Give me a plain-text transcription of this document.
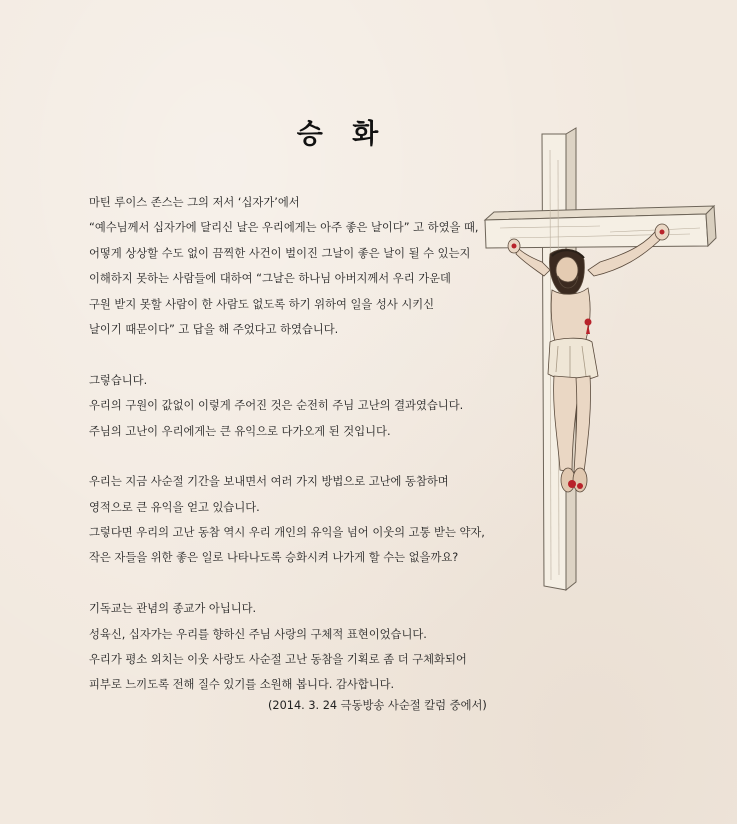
승 화
마틴 루이스 존스는 그의 저서 ‘십자가’에서
“예수님께서 십자가에 달리신 날은 우리에게는 아주 좋은 날이다” 고 하였을 때,
어떻게 상상할 수도 없이 끔찍한 사건이 벌이진 그날이 좋은 날이 될 수 있는지
이해하지 못하는 사람들에 대하여 “그날은 하나님 아버지께서 우리 가운데
구원 받지 못할 사람이 한 사람도 없도록 하기 위하여 일을 성사 시키신
날이기 때문이다” 고 답을 해 주었다고 하였습니다.
그렇습니다.
우리의 구원이 값없이 이렇게 주어진 것은 순전히 주님 고난의 결과였습니다.
주님의 고난이 우리에게는 큰 유익으로 다가오게 된 것입니다.
우리는 지금 사순절 기간을 보내면서 여러 가지 방법으로 고난에 동참하며
영적으로 큰 유익을 얻고 있습니다.
그렇다면 우리의 고난 동참 역시 우리 개인의 유익을 넘어 이웃의 고통 받는 약자,
작은 자들을 위한 좋은 일로 나타나도록 승화시켜 나가게 할 수는 없을까요?
기독교는 관념의 종교가 아닙니다.
성육신, 십자가는 우리를 향하신 주님 사랑의 구체적 표현이었습니다.
우리가 평소 외치는 이웃 사랑도 사순절 고난 동참을 기획로 좀 더 구체화되어
피부로 느끼도록 전해 질수 있기를 소원해 봅니다. 감사합니다.
(2014. 3. 24 극동방송 사순절 칼럼 중에서)
